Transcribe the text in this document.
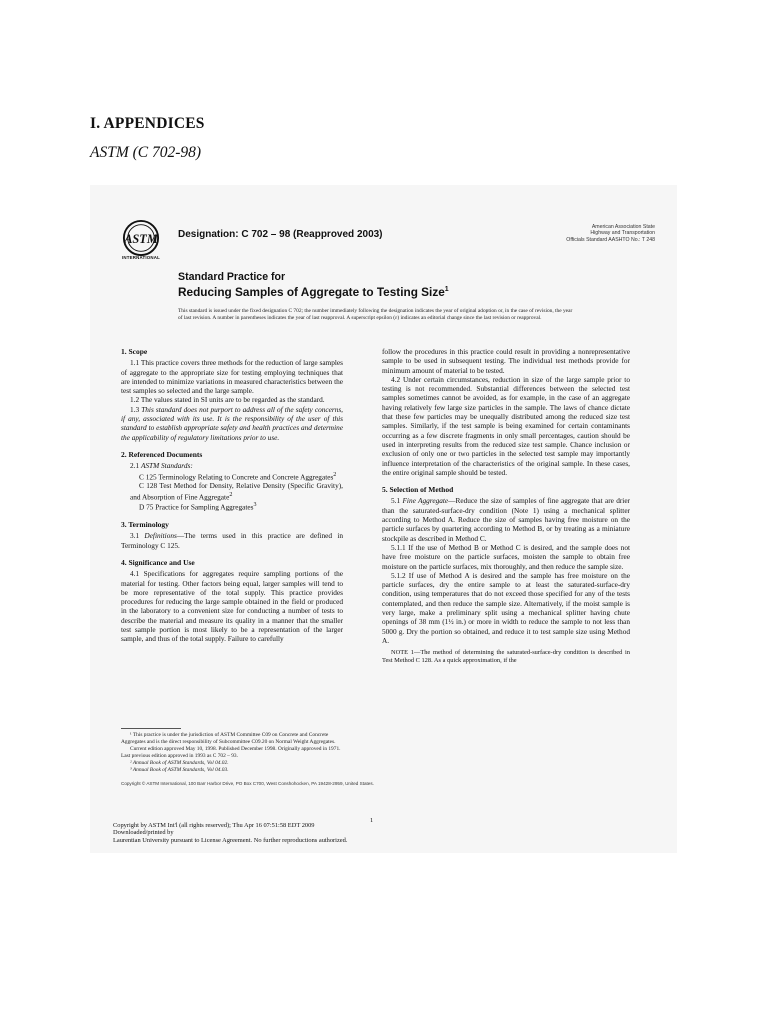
I. APPENDICES
ASTM (C 702-98)
ASTM
INTERNATIONAL
Designation: C 702 – 98 (Reapproved 2003)
American Association State
Highway and Transportation
Officials Standard AASHTO No.: T 248
Standard Practice for
Reducing Samples of Aggregate to Testing Size$^1$
This standard is issued under the fixed designation C 702; the number immediately following the designation indicates the year of original adoption or, in the case of revision, the year of last revision. A number in parentheses indicates the year of last reapproval. A superscript epsilon (ε) indicates an editorial change since the last revision or reapproval.
1. Scope

1.1 This practice covers three methods for the reduction of large samples of aggregate to the appropriate size for testing employing techniques that are intended to minimize variations in measured characteristics between the test samples so selected and the large sample.

1.2 The values stated in SI units are to be regarded as the standard.

1.3 This standard does not purport to address all of the safety concerns, if any, associated with its use. It is the responsibility of the user of this standard to establish appropriate safety and health practices and determine the applicability of regulatory limitations prior to use.

2. Referenced Documents

2.1 ASTM Standards:

C 125 Terminology Relating to Concrete and Concrete Aggregates$^2$

C 128 Test Method for Density, Relative Density (Specific Gravity), and Absorption of Fine Aggregate$^2$

D 75 Practice for Sampling Aggregates$^3$

3. Terminology

3.1 Definitions—The terms used in this practice are defined in Terminology C 125.

4. Significance and Use

4.1 Specifications for aggregates require sampling portions of the material for testing. Other factors being equal, larger samples will tend to be more representative of the total supply. This practice provides procedures for reducing the large sample obtained in the field or produced in the laboratory to a convenient size for conducting a number of tests to describe the material and measure its quality in a manner that the smaller test sample portion is most likely to be a representation of the larger sample, and thus of the total supply. Failure to carefully

¹ This practice is under the jurisdiction of ASTM Committee C09 on Concrete and Concrete Aggregates and is the direct responsibility of Subcommittee C09.20 on Normal Weight Aggregates.
Current edition approved May 10, 1998. Published December 1998. Originally approved in 1971. Last previous edition approved in 1993 as C 702 – 93.
² Annual Book of ASTM Standards, Vol 04.02.
³ Annual Book of ASTM Standards, Vol 04.03.

follow the procedures in this practice could result in providing a nonrepresentative sample to be used in subsequent testing. The individual test methods provide for minimum amount of material to be tested.

4.2 Under certain circumstances, reduction in size of the large sample prior to testing is not recommended. Substantial differences between the selected test samples sometimes cannot be avoided, as for example, in the case of an aggregate having relatively few large size particles in the sample. The laws of chance dictate that these few particles may be unequally distributed among the reduced size test samples. Similarly, if the test sample is being examined for certain contaminants occurring as a few discrete fragments in only small percentages, caution should be used in interpreting results from the reduced size test sample. Chance inclusion or exclusion of only one or two particles in the selected test sample may importantly influence interpretation of the characteristics of the original sample. In these cases, the entire original sample should be tested.

5. Selection of Method

5.1 Fine Aggregate—Reduce the size of samples of fine aggregate that are drier than the saturated-surface-dry condition (Note 1) using a mechanical splitter according to Method A. Reduce the size of samples having free moisture on the particle surfaces by quartering according to Method B, or by treating as a miniature stockpile as described in Method C.

5.1.1 If the use of Method B or Method C is desired, and the sample does not have free moisture on the particle surfaces, moisten the sample to obtain free moisture on the particle surfaces, mix thoroughly, and then reduce the sample size.

5.1.2 If use of Method A is desired and the sample has free moisture on the particle surfaces, dry the entire sample to at least the saturated-surface-dry condition, using temperatures that do not exceed those specified for any of the tests contemplated, and then reduce the sample size. Alternatively, if the moist sample is very large, make a preliminary split using a mechanical splitter having chute openings of 38 mm (1½ in.) or more in width to reduce the sample to not less than 5000 g. Dry the portion so obtained, and reduce it to test sample size using Method A.

NOTE 1—The method of determining the saturated-surface-dry condition is described in Test Method C 128. As a quick approximation, if the
Copyright © ASTM International, 100 Barr Harbor Drive, PO Box C700, West Conshohocken, PA 19428-2959, United States.
1
Copyright by ASTM Int'l (all rights reserved); Thu Apr 16 07:51:58 EDT 2009
Downloaded/printed by
Laurentian University pursuant to License Agreement. No further reproductions authorized.
